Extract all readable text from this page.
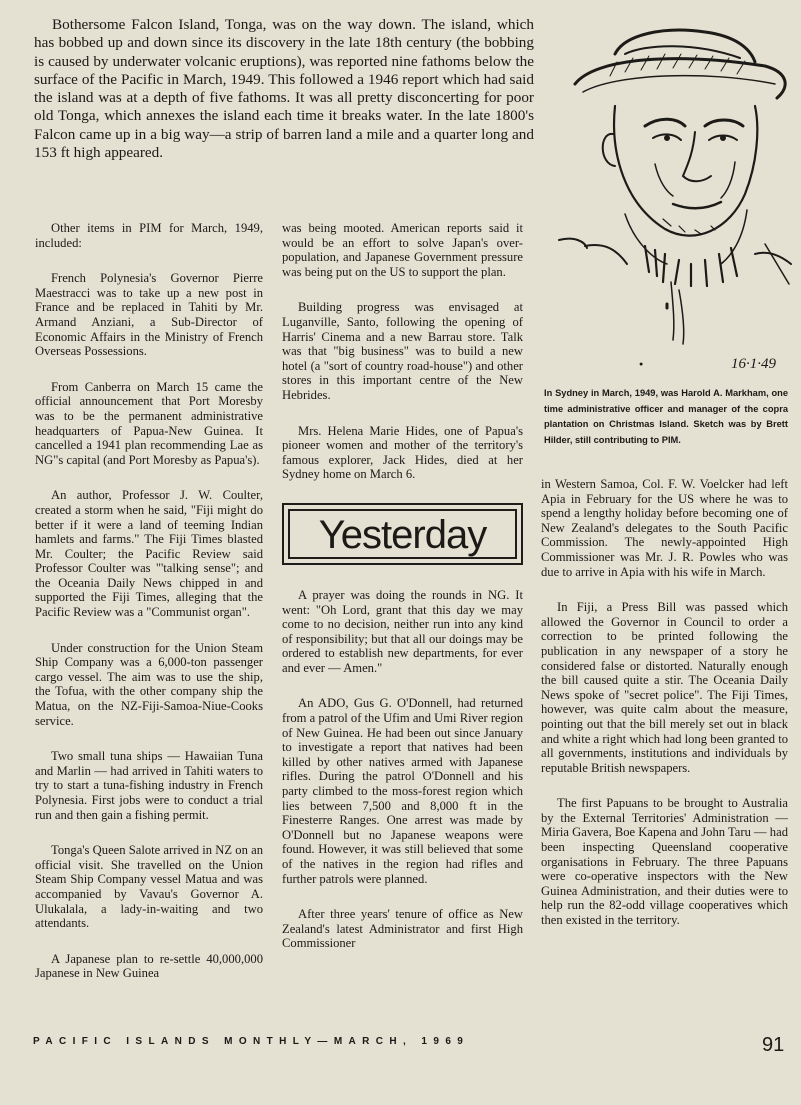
Bothersome Falcon Island, Tonga, was on the way down. The island, which has bobbed up and down since its discovery in the late 18th century (the bobbing is caused by underwater volcanic eruptions), was reported nine fathoms below the surface of the Pacific in March, 1949. This followed a 1946 report which had said the island was at a depth of five fathoms. It was all pretty disconcerting for poor old Tonga, which annexes the island each time it breaks water. In the late 1800's Falcon came up in a big way—a strip of barren land a mile and a quarter long and 153 ft high appeared.

●	16·1·49
In Sydney in March, 1949, was Harold A. Markham, one time administrative officer and manager of the copra plantation on Christmas Island. Sketch was by Brett Hilder, still contributing to PIM.

Other items in PIM for March, 1949, included:

French Polynesia's Governor Pierre Maestracci was to take up a new post in France and be replaced in Tahiti by Mr. Armand Anziani, a Sub-Director of Economic Affairs in the Ministry of French Overseas Possessions.

From Canberra on March 15 came the official announcement that Port Moresby was to be the permanent administrative headquarters of Papua-New Guinea. It cancelled a 1941 plan recommending Lae as NG"s capital (and Port Moresby as Papua's).

An author, Professor J. W. Coulter, created a storm when he said, "Fiji might do better if it were a land of teeming Indian hamlets and farms." The Fiji Times blasted Mr. Coulter; the Pacific Review said Professor Coulter was "'talking sense"; and the Oceania Daily News chipped in and supported the Fiji Times, alleging that the Pacific Review was a "Communist organ".

Under construction for the Union Steam Ship Company was a 6,000-ton passenger cargo vessel. The aim was to use the ship, the Tofua, with the other company ship the Matua, on the NZ-Fiji-Samoa-Niue-Cooks service.

Two small tuna ships — Hawaiian Tuna and Marlin — had arrived in Tahiti waters to try to start a tuna-fishing industry in French Polynesia. First jobs were to conduct a trial run and then gain a fishing permit.

Tonga's Queen Salote arrived in NZ on an official visit. She travelled on the Union Steam Ship Company vessel Matua and was accompanied by Vavau's Governor A. Ulukalala, a lady-in-waiting and two attendants.

A Japanese plan to re-settle 40,000,000 Japanese in New Guinea

was being mooted. American reports said it would be an effort to solve Japan's over-population, and Japanese Government pressure was being put on the US to support the plan.

Building progress was envisaged at Luganville, Santo, following the opening of Harris' Cinema and a new Barrau store. Talk was that "big business" was to build a new hotel (a "sort of country road-house") and other stores in this important centre of the New Hebrides.

Mrs. Helena Marie Hides, one of Papua's pioneer women and mother of the territory's famous explorer, Jack Hides, died at her Sydney home on March 6.

Yesterday

A prayer was doing the rounds in NG. It went: "Oh Lord, grant that this day we may come to no decision, neither run into any kind of responsibility; but that all our doings may be ordered to establish new departments, for ever and ever — Amen."

An ADO, Gus G. O'Donnell, had returned from a patrol of the Ufim and Umi River region of New Guinea. He had been out since January to investigate a report that natives had been killed by other natives armed with Japanese rifles. During the patrol O'Donnell and his party climbed to the moss-forest region which lies between 7,500 and 8,000 ft in the Finesterre Ranges. One arrest was made by O'Donnell but no Japanese weapons were found. However, it was still believed that some of the natives in the region had rifles and further patrols were planned.

After three years' tenure of office as New Zealand's latest Administrator and first High Commissioner

in Western Samoa, Col. F. W. Voelcker had left Apia in February for the US where he was to spend a lengthy holiday before becoming one of New Zealand's delegates to the South Pacific Commission. The newly-appointed High Commissioner was Mr. J. R. Powles who was due to arrive in Apia with his wife in March.

In Fiji, a Press Bill was passed which allowed the Governor in Council to order a correction to be printed following the publication in any newspaper of a story he considered false or distorted. Naturally enough the bill caused quite a stir. The Oceania Daily News spoke of "secret police". The Fiji Times, however, was quite calm about the measure, pointing out that the bill merely set out in black and white a right which had long been granted to all governments, institutions and individuals by reputable British newspapers.

The first Papuans to be brought to Australia by the External Territories' Administration — Miria Gavera, Boe Kapena and John Taru — had been inspecting Queensland cooperative organisations in February. The three Papuans were co-operative inspectors with the New Guinea Administration, and their duties were to help run the 82-odd village cooperatives which then existed in the territory.

PACIFIC ISLANDS MONTHLY—MARCH, 1969	91
